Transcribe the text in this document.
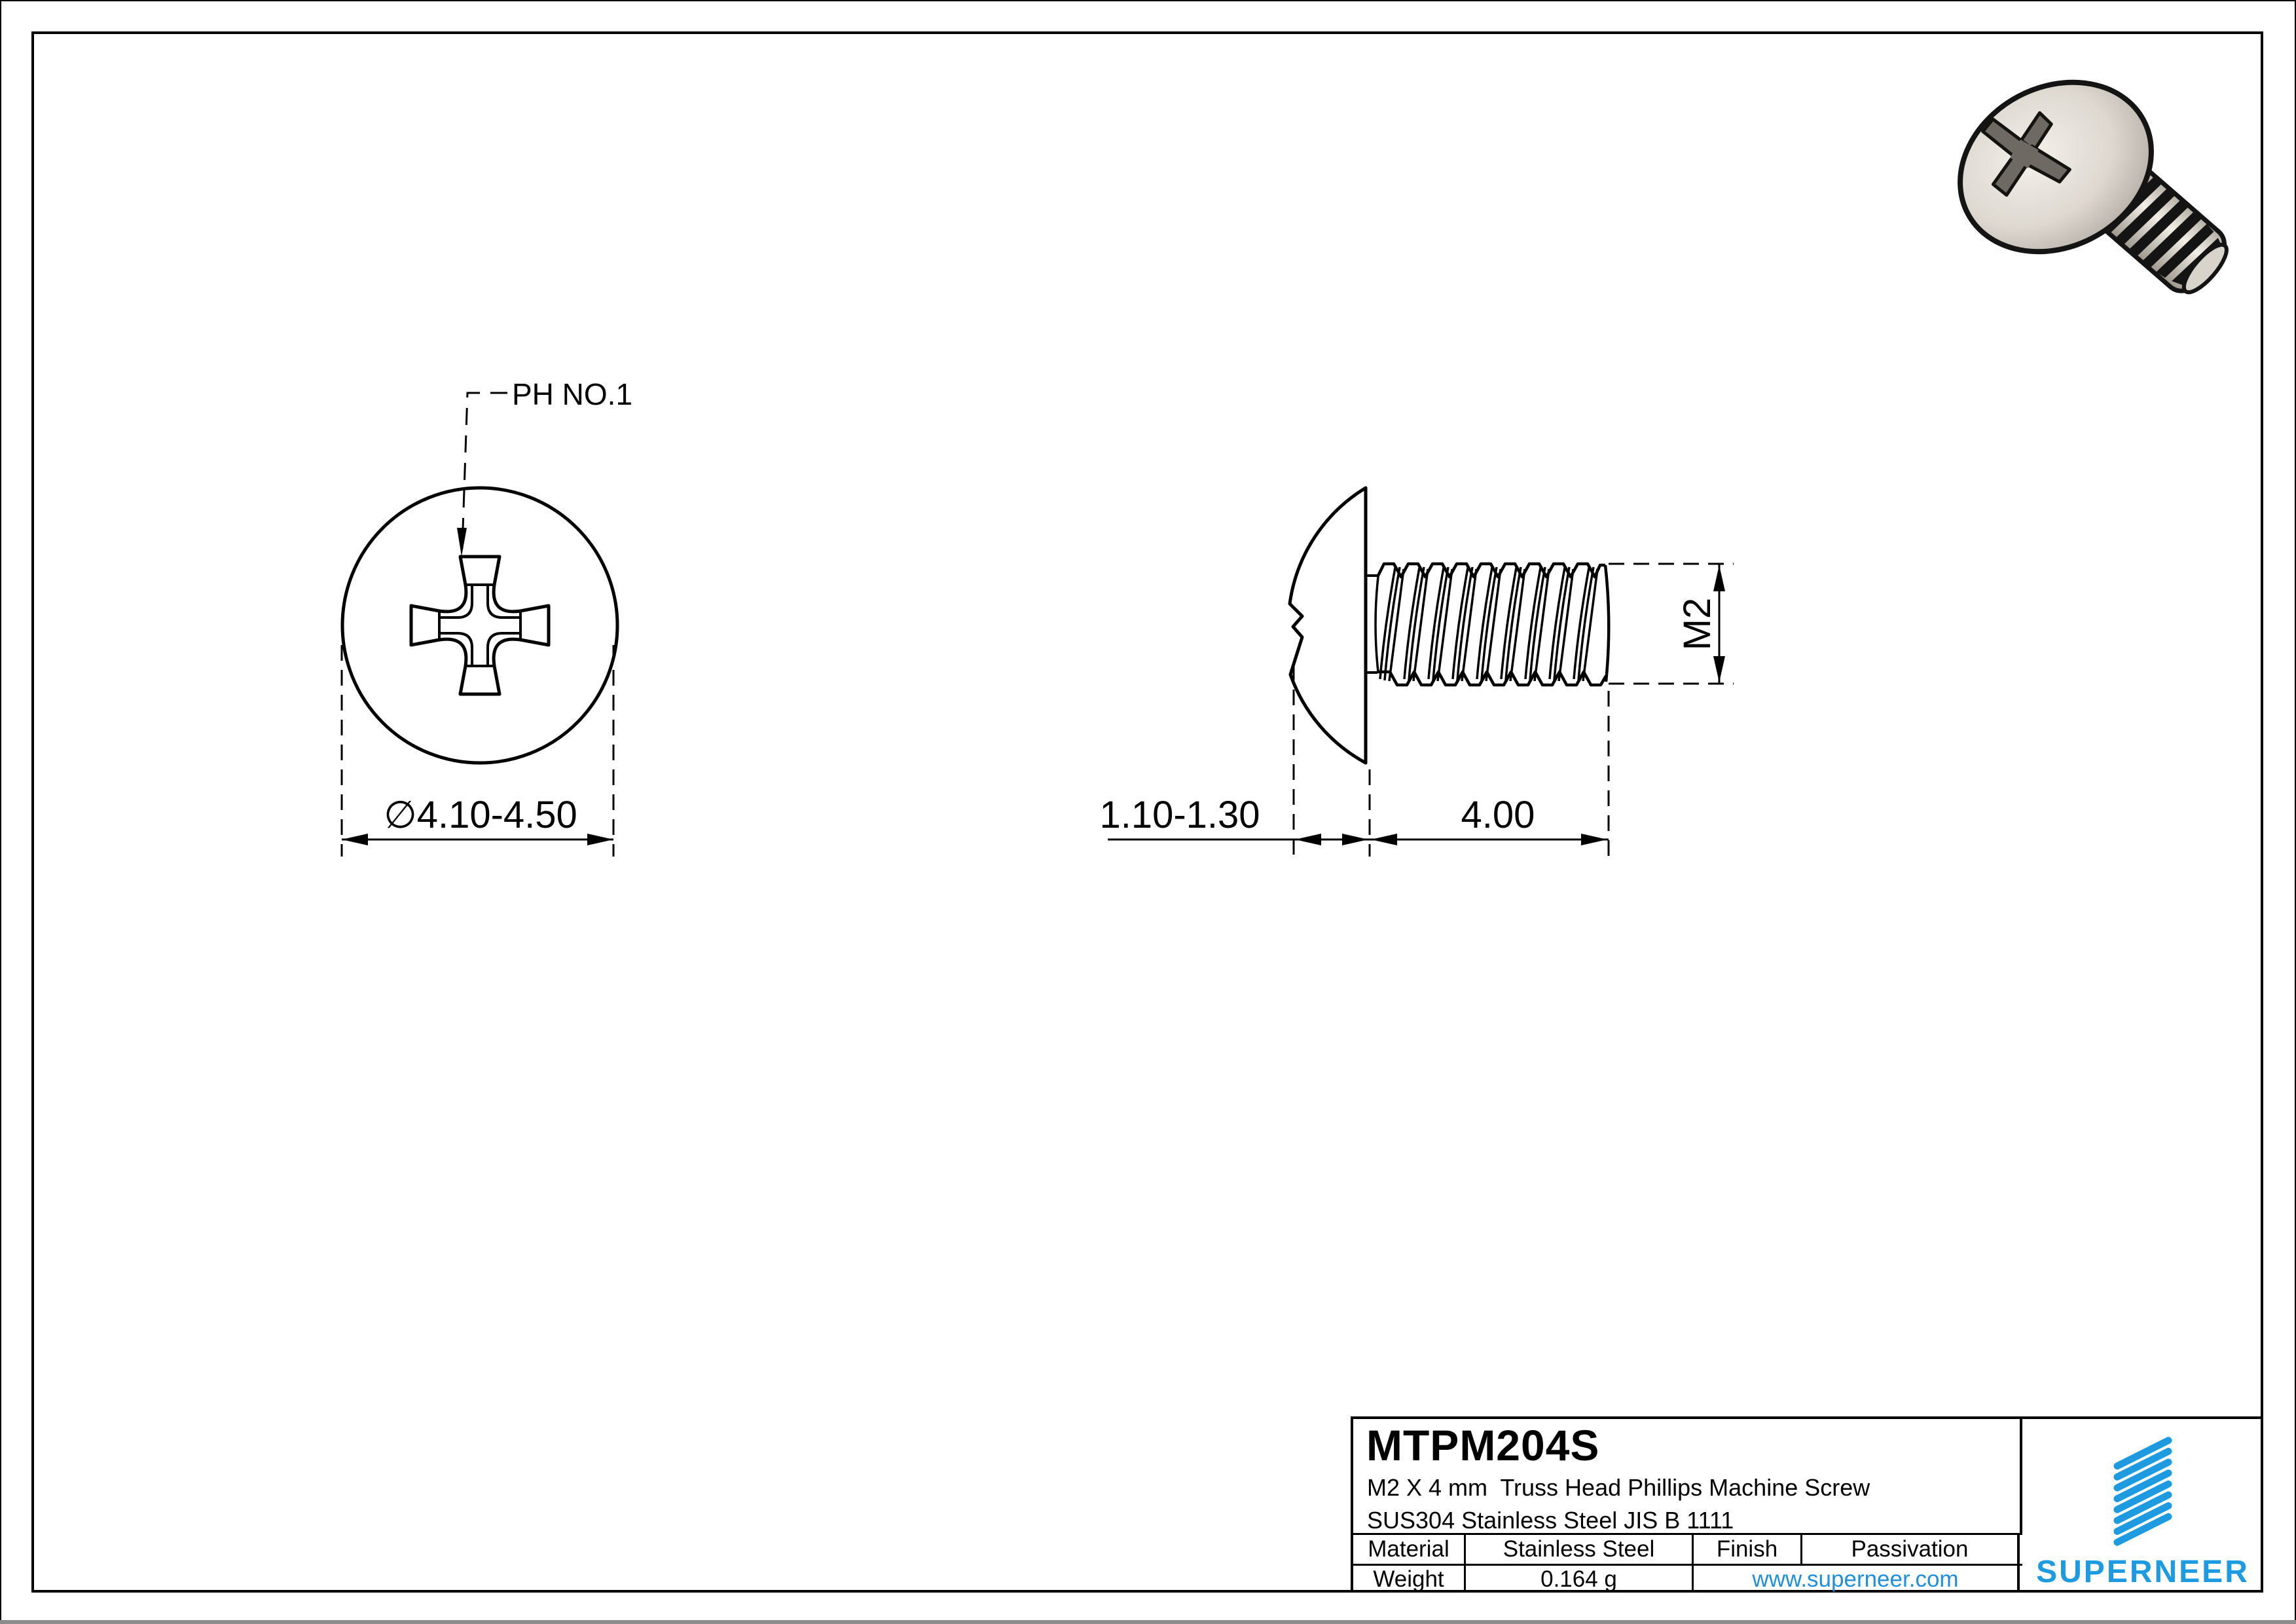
PH NO.1
∅4.10-4.50
M2
1.10-1.30	4.00
MTPM204S
M2 X 4 mm  Truss Head Phillips Machine Screw
SUS304 Stainless Steel JIS B 1111
Material	Stainless Steel	Finish	Passivation
Weight	0.164 g	www.superneer.com	SUPERNEER
